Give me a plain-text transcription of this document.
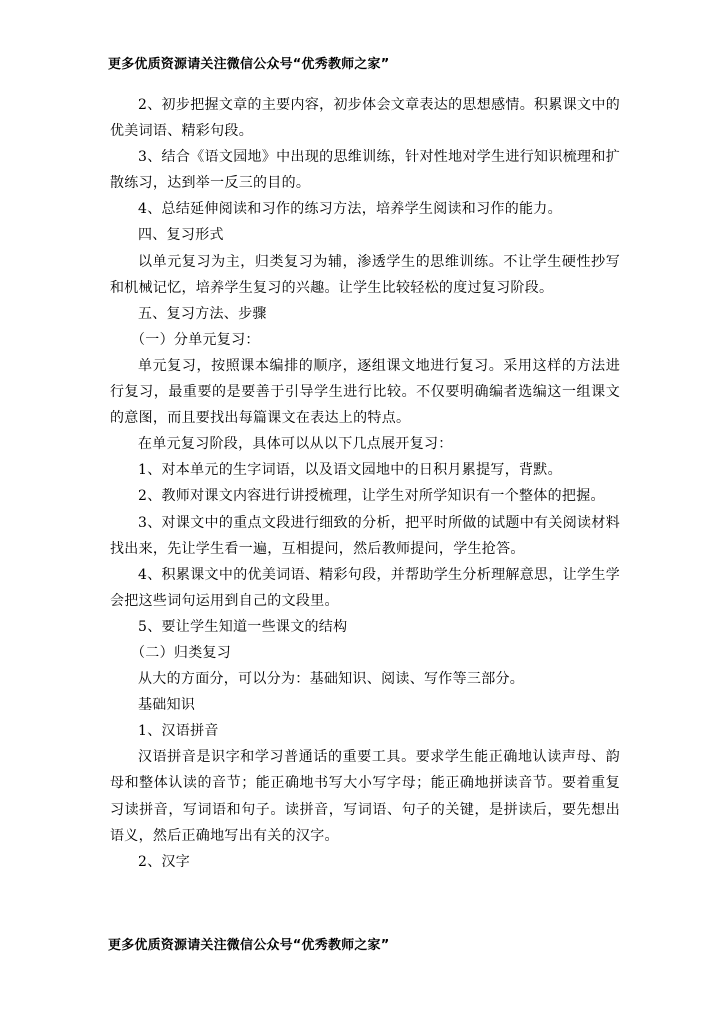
更多优质资源请关注微信公众号“优秀教师之家”

2、初步把握文章的主要内容，初步体会文章表达的思想感情。积累课文中的优美词语、精彩句段。

3、结合《语文园地》中出现的思维训练，针对性地对学生进行知识梳理和扩散练习，达到举一反三的目的。

4、总结延伸阅读和习作的练习方法，培养学生阅读和习作的能力。

四、复习形式

以单元复习为主，归类复习为辅，渗透学生的思维训练。不让学生硬性抄写和机械记忆，培养学生复习的兴趣。让学生比较轻松的度过复习阶段。

五、复习方法、步骤

（一）分单元复习：

单元复习，按照课本编排的顺序，逐组课文地进行复习。采用这样的方法进行复习，最重要的是要善于引导学生进行比较。不仅要明确编者选编这一组课文的意图，而且要找出每篇课文在表达上的特点。

在单元复习阶段，具体可以从以下几点展开复习：

1、对本单元的生字词语，以及语文园地中的日积月累提写，背默。

2、教师对课文内容进行讲授梳理，让学生对所学知识有一个整体的把握。

3、对课文中的重点文段进行细致的分析，把平时所做的试题中有关阅读材料找出来，先让学生看一遍，互相提问，然后教师提问，学生抢答。

4、积累课文中的优美词语、精彩句段，并帮助学生分析理解意思，让学生学会把这些词句运用到自己的文段里。

5、要让学生知道一些课文的结构

（二）归类复习

从大的方面分，可以分为：基础知识、阅读、写作等三部分。

基础知识

1、汉语拼音

汉语拼音是识字和学习普通话的重要工具。要求学生能正确地认读声母、韵母和整体认读的音节；能正确地书写大小写字母；能正确地拼读音节。要着重复习读拼音，写词语和句子。读拼音，写词语、句子的关键，是拼读后，要先想出语义，然后正确地写出有关的汉字。

2、汉字

更多优质资源请关注微信公众号“优秀教师之家”
